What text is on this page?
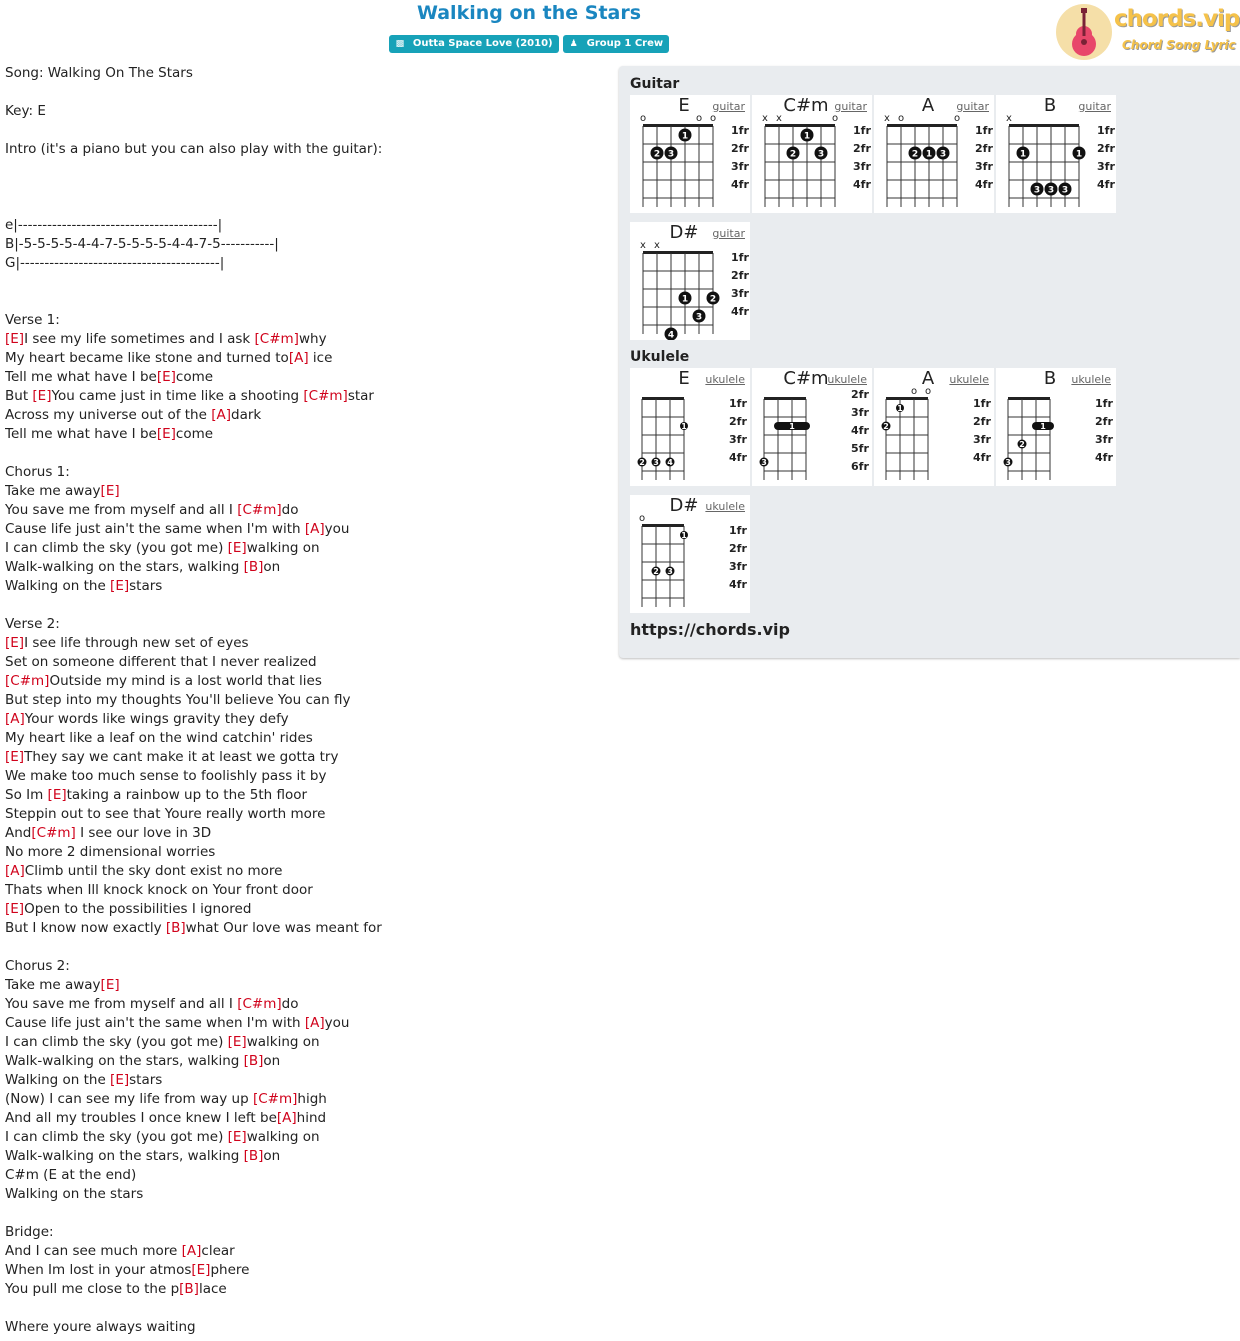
Walking on the Stars
▩ Outta Space Love (2010) ♟ Group 1 Crew
chords.vip
Chord Song Lyric
Song: Walking On The Stars
Key: E
Intro (it's a piano but you can also play with the guitar):
e|-----------------------------------------|
B|-5-5-5-5-4-4-7-5-5-5-5-4-4-7-5-----------|
G|-----------------------------------------|
Verse 1:
[E]I see my life sometimes and I ask [C#m]why
My heart became like stone and turned to[A] ice
Tell me what have I be[E]come
But [E]You came just in time like a shooting [C#m]star
Across my universe out of the [A]dark
Tell me what have I be[E]come
Chorus 1:
Take me away[E]
You save me from myself and all I [C#m]do
Cause life just ain't the same when I'm with [A]you
I can climb the sky (you got me) [E]walking on
Walk-walking on the stars, walking [B]on
Walking on the [E]stars
Verse 2:
[E]I see life through new set of eyes
Set on someone different that I never realized
[C#m]Outside my mind is a lost world that lies
But step into my thoughts You'll believe You can fly
[A]Your words like wings gravity they defy
My heart like a leaf on the wind catchin' rides
[E]They say we cant make it at least we gotta try
We make too much sense to foolishly pass it by
So Im [E]taking a rainbow up to the 5th floor
Steppin out to see that Youre really worth more
And[C#m] I see our love in 3D
No more 2 dimensional worries
[A]Climb until the sky dont exist no more
Thats when Ill knock knock on Your front door
[E]Open to the possibilities I ignored
But I know now exactly [B]what Our love was meant for
Chorus 2:
Take me away[E]
You save me from myself and all I [C#m]do
Cause life just ain't the same when I'm with [A]you
I can climb the sky (you got me) [E]walking on
Walk-walking on the stars, walking [B]on
Walking on the [E]stars
(Now) I can see my life from way up [C#m]high
And all my troubles I once knew I left be[A]hind
I can climb the sky (you got me) [E]walking on
Walk-walking on the stars, walking [B]on
C#m (E at the end)
Walking on the stars
Bridge:
And I can see much more [A]clear
When Im lost in your atmos[E]phere
You pull me close to the p[B]lace
Where youre always waiting
Guitar
E	guitar
1fr
2fr
3fr
4fr
o	o o
1
2 3
C#m guitar
1fr
2fr
3fr
4fr
x x	o
1
2 3
A	guitar
1fr
2fr
3fr
4fr
x o	o
2 1 3
B	guitar
1fr
2fr
3fr
4fr
x
1	1
3 3 3
D#	guitar
1fr
2fr
3fr
4fr
x x
1 2
3
4
Ukulele
E	ukulele
1fr
2fr
3fr
4fr
1
2 3 4
C#m
ukulele
2fr
3fr
4fr
5fr
6fr
1
3
A	ukulele
1fr
2fr
3fr
4fr
o o
1
2
B	ukulele
1fr
2fr
3fr
4fr
1
2
3
D# ukulele
1fr
2fr
3fr
4fr
o
1
2 3
https://chords.vip
